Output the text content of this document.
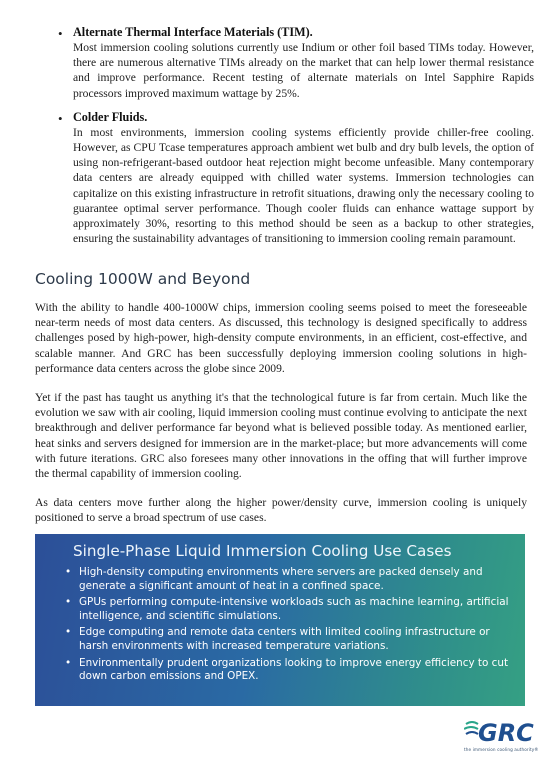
• Alternate Thermal Interface Materials (TIM).
Most immersion cooling solutions currently use Indium or other foil based TIMs today. However, there are numerous alternative TIMs already on the market that can help lower thermal resistance and improve performance. Recent testing of alternate materials on Intel Sapphire Rapids processors improved maximum wattage by 25%.
• Colder Fluids.
In most environments, immersion cooling systems efficiently provide chiller-free cooling. However, as CPU Tcase temperatures approach ambient wet bulb and dry bulb levels, the option of using non-refrigerant-based outdoor heat rejection might become unfeasible. Many contemporary data centers are already equipped with chilled water systems. Immersion technologies can capitalize on this existing infrastructure in retrofit situations, drawing only the necessary cooling to guarantee optimal server performance. Though cooler fluids can enhance wattage support by approximately 30%, resorting to this method should be seen as a backup to other strategies, ensuring the sustainability advantages of transitioning to immersion cooling remain paramount.
Cooling 1000W and Beyond

With the ability to handle 400-1000W chips, immersion cooling seems poised to meet the foreseeable near-term needs of most data centers. As discussed, this technology is designed specifically to address challenges posed by high-power, high-density compute environments, in an efficient, cost-effective, and scalable manner. And GRC has been successfully deploying immersion cooling solutions in high-performance data centers across the globe since 2009.

Yet if the past has taught us anything it's that the technological future is far from certain. Much like the evolution we saw with air cooling, liquid immersion cooling must continue evolving to anticipate the next breakthrough and deliver performance far beyond what is believed possible today. As mentioned earlier, heat sinks and servers designed for immersion are in the market-place; but more advancements will come with future iterations. GRC also foresees many other innovations in the offing that will further improve the thermal capability of immersion cooling.

As data centers move further along the higher power/density curve, immersion cooling is uniquely positioned to serve a broad spectrum of use cases.

Single-Phase Liquid Immersion Cooling Use Cases
• High-density computing environments where servers are packed densely and generate a significant amount of heat in a confined space.
• GPUs performing compute-intensive workloads such as machine learning, artificial intelligence, and scientific simulations.
• Edge computing and remote data centers with limited cooling infrastructure or harsh environments with increased temperature variations.
• Environmentally prudent organizations looking to improve energy efficiency to cut down carbon emissions and OPEX.
GRC
the immersion cooling authority®
